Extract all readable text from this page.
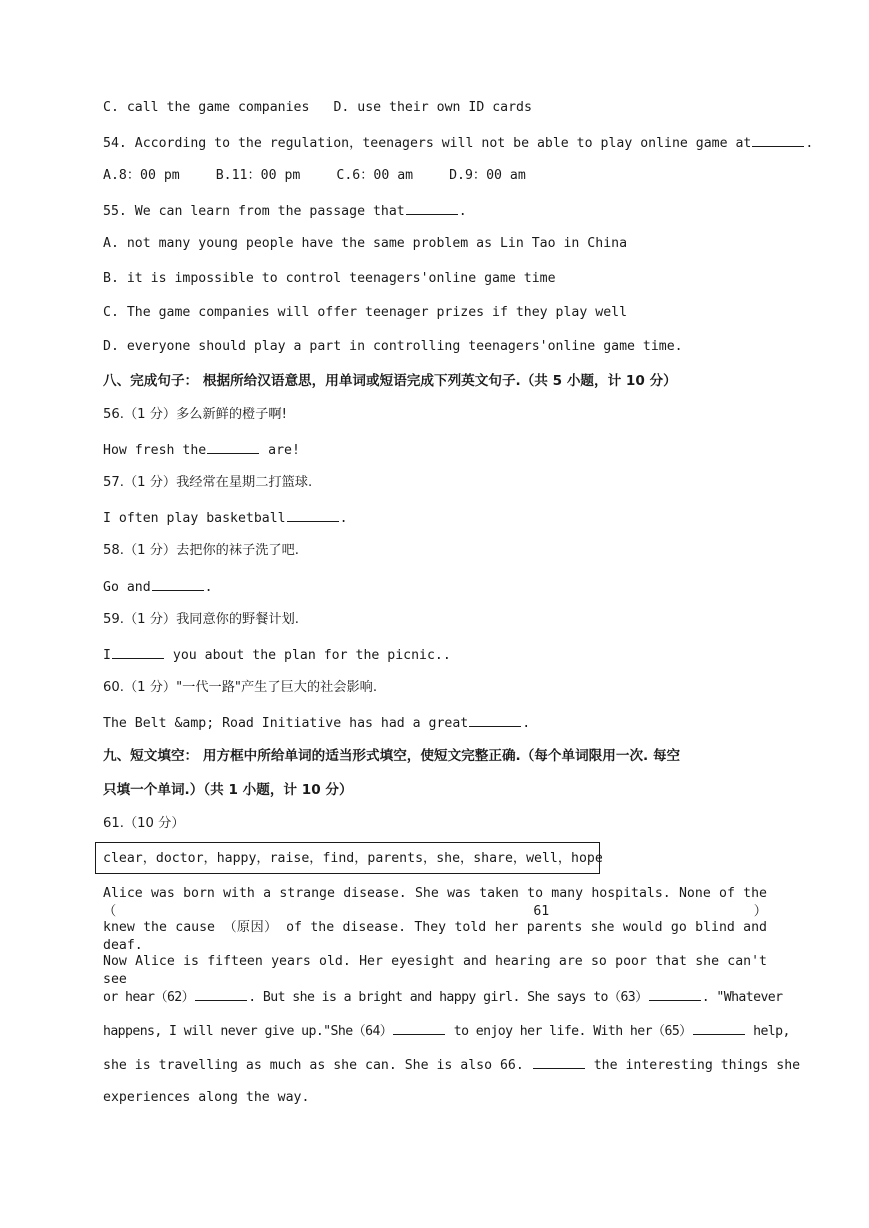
C. call the game companies D. use their own ID cards
54. According to the regulation，teenagers will not be able to play online game at	.
A.8：00 pm	B.11：00 pm	C.6：00 am	D.9：00 am
55. We can learn from the passage that	.
A. not many young people have the same problem as Lin Tao in China
B. it is impossible to control teenagers'online game time
C. The game companies will offer teenager prizes if they play well
D. everyone should play a part in controlling teenagers'online game time.
八、完成句子： 根据所给汉语意思，用单词或短语完成下列英文句子.（共 5 小题，计 10 分）
56.（1 分）多么新鲜的橙子啊!
How fresh the	are!
57.（1 分）我经常在星期二打篮球.
I often play basketball	.
58.（1 分）去把你的袜子洗了吧.
Go and	.
59.（1 分）我同意你的野餐计划.
I	you about the plan for the picnic..
60.（1 分）"一代一路"产生了巨大的社会影响.
The Belt &amp; Road Initiative has had a great	.
九、短文填空： 用方框中所给单词的适当形式填空，使短文完整正确.（每个单词限用一次. 每空
只填一个单词.）（共 1 小题，计 10 分）
61.（10 分）
clear，doctor，happy，raise，find，parents，she，share，well，hope
Alice was born with a strange disease. She was taken to many hospitals. None of the（ 61）
knew the cause （原因） of the disease. They told her parents she would go blind and deaf.
Now Alice is fifteen years old. Her eyesight and hearing are so poor that she can't see
or hear（62）	. But she is a bright and happy girl. She says to（63）	. "Whatever
happens, I will never give up."She（64）	to enjoy her life. With her（65）	help,
she is travelling as much as she can. She is also 66.	the interesting things she
experiences along the way.
